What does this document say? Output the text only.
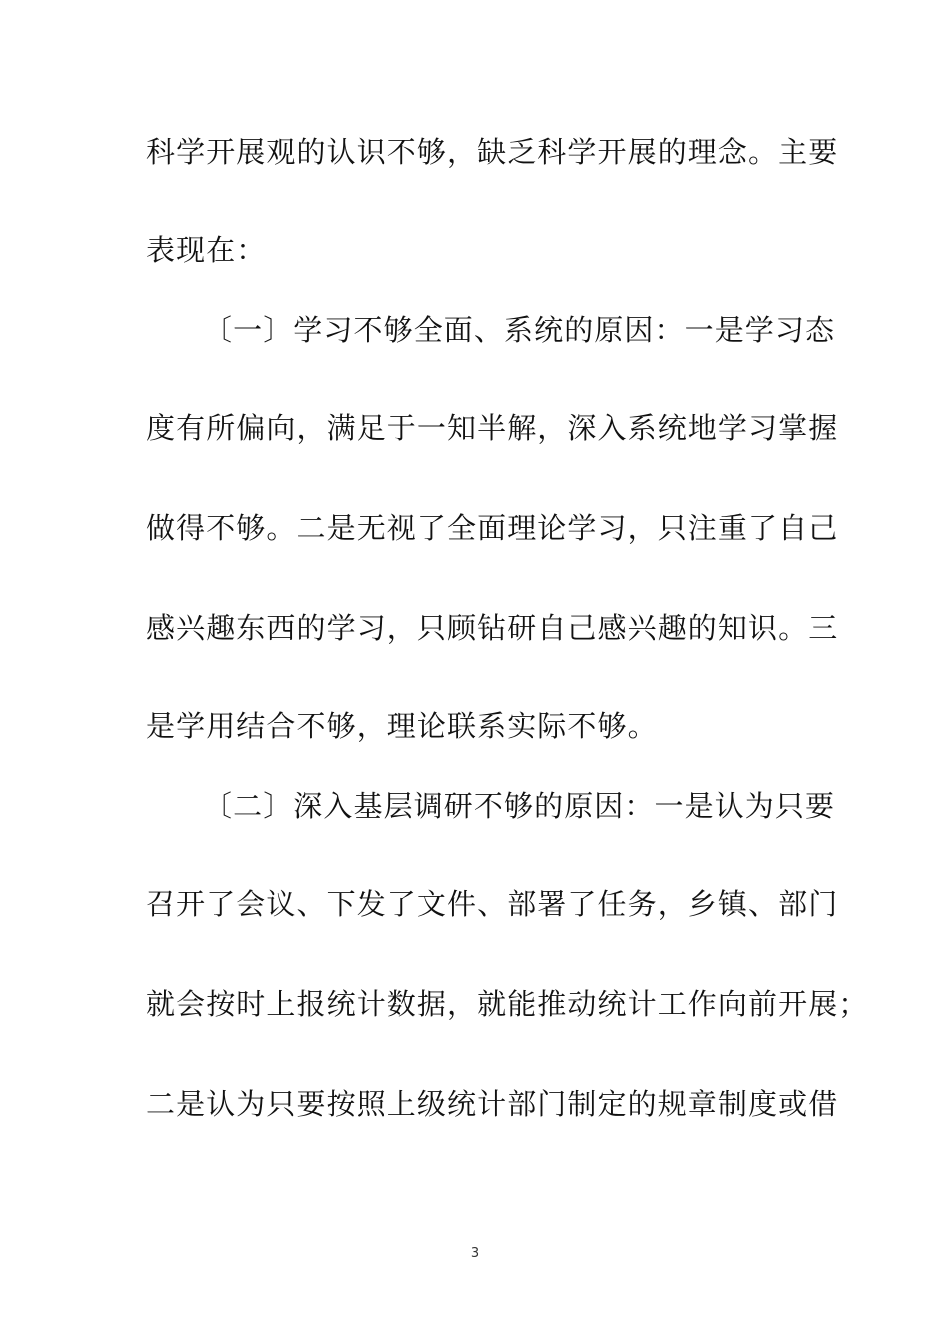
科学开展观的认识不够，缺乏科学开展的理念。主要
表现在：
〔一〕学习不够全面、系统的原因：一是学习态
度有所偏向，满足于一知半解，深入系统地学习掌握
做得不够。二是无视了全面理论学习，只注重了自己
感兴趣东西的学习，只顾钻研自己感兴趣的知识。三
是学用结合不够，理论联系实际不够。
〔二〕深入基层调研不够的原因：一是认为只要
召开了会议、下发了文件、部署了任务，乡镇、部门
就会按时上报统计数据，就能推动统计工作向前开展；
二是认为只要按照上级统计部门制定的规章制度或借
3
